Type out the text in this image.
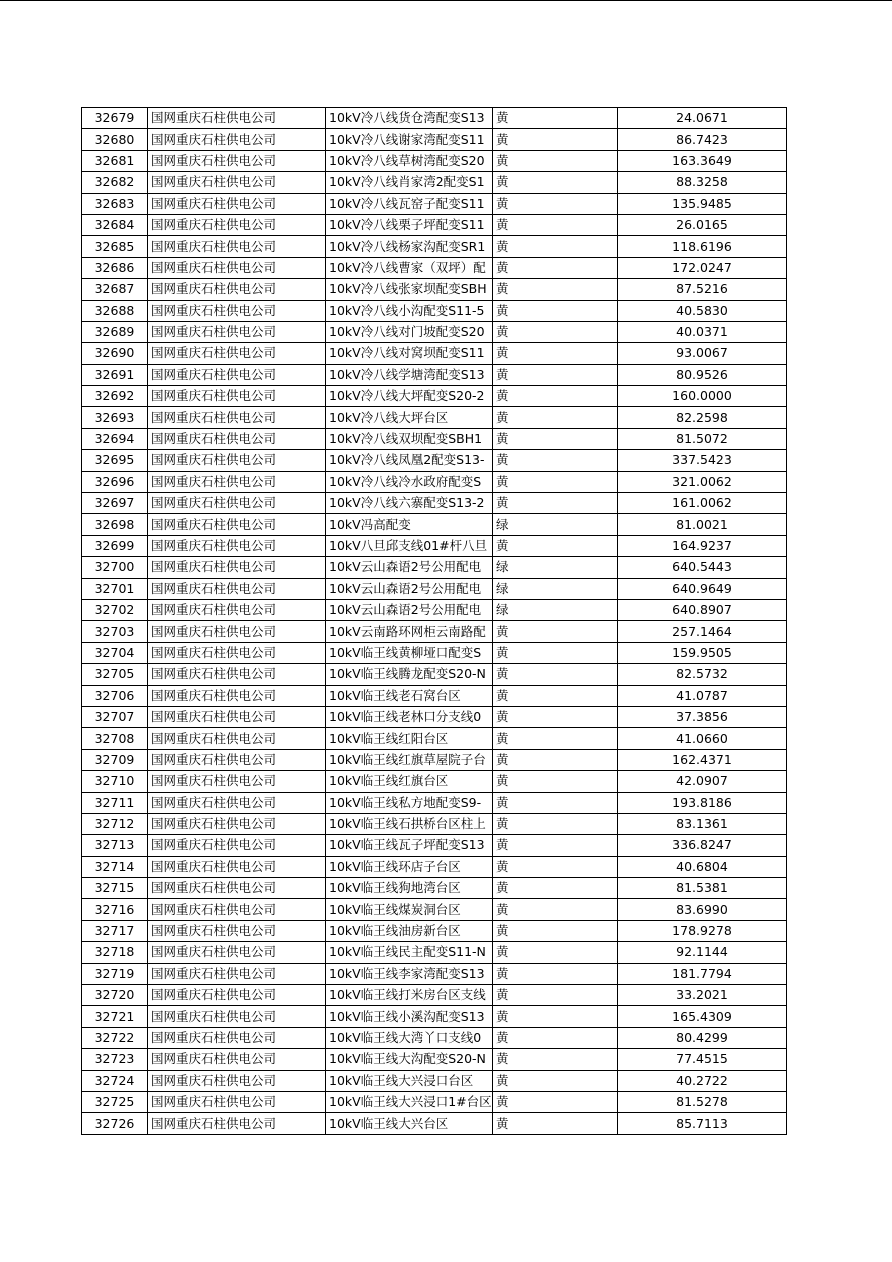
32679	国网重庆石柱供电公司	10kV冷八线货仓湾配变S13	黄	24.0671
32680	国网重庆石柱供电公司	10kV冷八线谢家湾配变S11	黄	86.7423
32681	国网重庆石柱供电公司	10kV冷八线草树湾配变S20	黄	163.3649
32682	国网重庆石柱供电公司	10kV冷八线肖家湾2配变S1	黄	88.3258
32683	国网重庆石柱供电公司	10kV冷八线瓦窑子配变S11	黄	135.9485
32684	国网重庆石柱供电公司	10kV冷八线栗子坪配变S11	黄	26.0165
32685	国网重庆石柱供电公司	10kV冷八线杨家沟配变SR1	黄	118.6196
32686	国网重庆石柱供电公司	10kV冷八线曹家（双坪）配	黄	172.0247
32687	国网重庆石柱供电公司	10kV冷八线张家坝配变SBH	黄	87.5216
32688	国网重庆石柱供电公司	10kV冷八线小沟配变S11-5	黄	40.5830
32689	国网重庆石柱供电公司	10kV冷八线对门坡配变S20	黄	40.0371
32690	国网重庆石柱供电公司	10kV冷八线对窝坝配变S11	黄	93.0067
32691	国网重庆石柱供电公司	10kV冷八线学塘湾配变S13	黄	80.9526
32692	国网重庆石柱供电公司	10kV冷八线大坪配变S20-2	黄	160.0000
32693	国网重庆石柱供电公司	10kV冷八线大坪台区	黄	82.2598
32694	国网重庆石柱供电公司	10kV冷八线双坝配变SBH1	黄	81.5072
32695	国网重庆石柱供电公司	10kV冷八线凤凰2配变S13-	黄	337.5423
32696	国网重庆石柱供电公司	10kV冷八线冷水政府配变S	黄	321.0062
32697	国网重庆石柱供电公司	10kV冷八线六寨配变S13-2	黄	161.0062
32698	国网重庆石柱供电公司	10kV冯高配变	绿	81.0021
32699	国网重庆石柱供电公司	10kV八旦邱支线01#杆八旦	黄	164.9237
32700	国网重庆石柱供电公司	10kV云山森语2号公用配电	绿	640.5443
32701	国网重庆石柱供电公司	10kV云山森语2号公用配电	绿	640.9649
32702	国网重庆石柱供电公司	10kV云山森语2号公用配电	绿	640.8907
32703	国网重庆石柱供电公司	10kV云南路环网柜云南路配	黄	257.1464
32704	国网重庆石柱供电公司	10kV临王线黄柳垭口配变S	黄	159.9505
32705	国网重庆石柱供电公司	10kV临王线腾龙配变S20-N	黄	82.5732
32706	国网重庆石柱供电公司	10kV临王线老石窝台区	黄	41.0787
32707	国网重庆石柱供电公司	10kV临王线老林口分支线0	黄	37.3856
32708	国网重庆石柱供电公司	10kV临王线红阳台区	黄	41.0660
32709	国网重庆石柱供电公司	10kV临王线红旗草屋院子台	黄	162.4371
32710	国网重庆石柱供电公司	10kV临王线红旗台区	黄	42.0907
32711	国网重庆石柱供电公司	10kV临王线私方地配变S9-	黄	193.8186
32712	国网重庆石柱供电公司	10kV临王线石拱桥台区柱上	黄	83.1361
32713	国网重庆石柱供电公司	10kV临王线瓦子坪配变S13	黄	336.8247
32714	国网重庆石柱供电公司	10kV临王线环店子台区	黄	40.6804
32715	国网重庆石柱供电公司	10kV临王线狗地湾台区	黄	81.5381
32716	国网重庆石柱供电公司	10kV临王线煤炭洞台区	黄	83.6990
32717	国网重庆石柱供电公司	10kV临王线油房新台区	黄	178.9278
32718	国网重庆石柱供电公司	10kV临王线民主配变S11-N	黄	92.1144
32719	国网重庆石柱供电公司	10kV临王线李家湾配变S13	黄	181.7794
32720	国网重庆石柱供电公司	10kV临王线打米房台区支线	黄	33.2021
32721	国网重庆石柱供电公司	10kV临王线小溪沟配变S13	黄	165.4309
32722	国网重庆石柱供电公司	10kV临王线大湾丫口支线0	黄	80.4299
32723	国网重庆石柱供电公司	10kV临王线大沟配变S20-N	黄	77.4515
32724	国网重庆石柱供电公司	10kV临王线大兴浸口台区	黄	40.2722
32725	国网重庆石柱供电公司	10kV临王线大兴浸口1#台区	黄	81.5278
32726	国网重庆石柱供电公司	10kV临王线大兴台区	黄	85.7113
